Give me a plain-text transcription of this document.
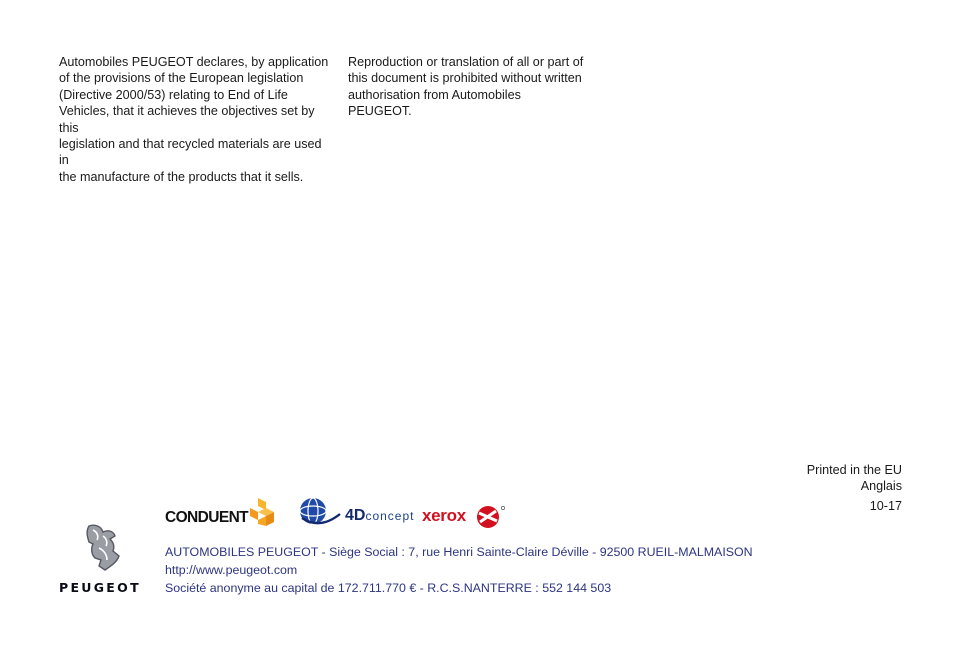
Automobiles PEUGEOT declares, by application
of the provisions of the European legislation
(Directive 2000/53) relating to End of Life
Vehicles, that it achieves the objectives set by this
legislation and that recycled materials are used in
the manufacture of the products that it sells.

Reproduction or translation of all or part of
this document is prohibited without written
authorisation from Automobiles PEUGEOT.

Printed in the EU
Anglais
10-17
CONDUENT	4Dconcept xerox
PEUGEOT
AUTOMOBILES PEUGEOT - Siège Social : 7, rue Henri Sainte-Claire Déville - 92500 RUEIL-MALMAISON
http://www.peugeot.com
Société anonyme au capital de 172.711.770 € - R.C.S.NANTERRE : 552 144 503
